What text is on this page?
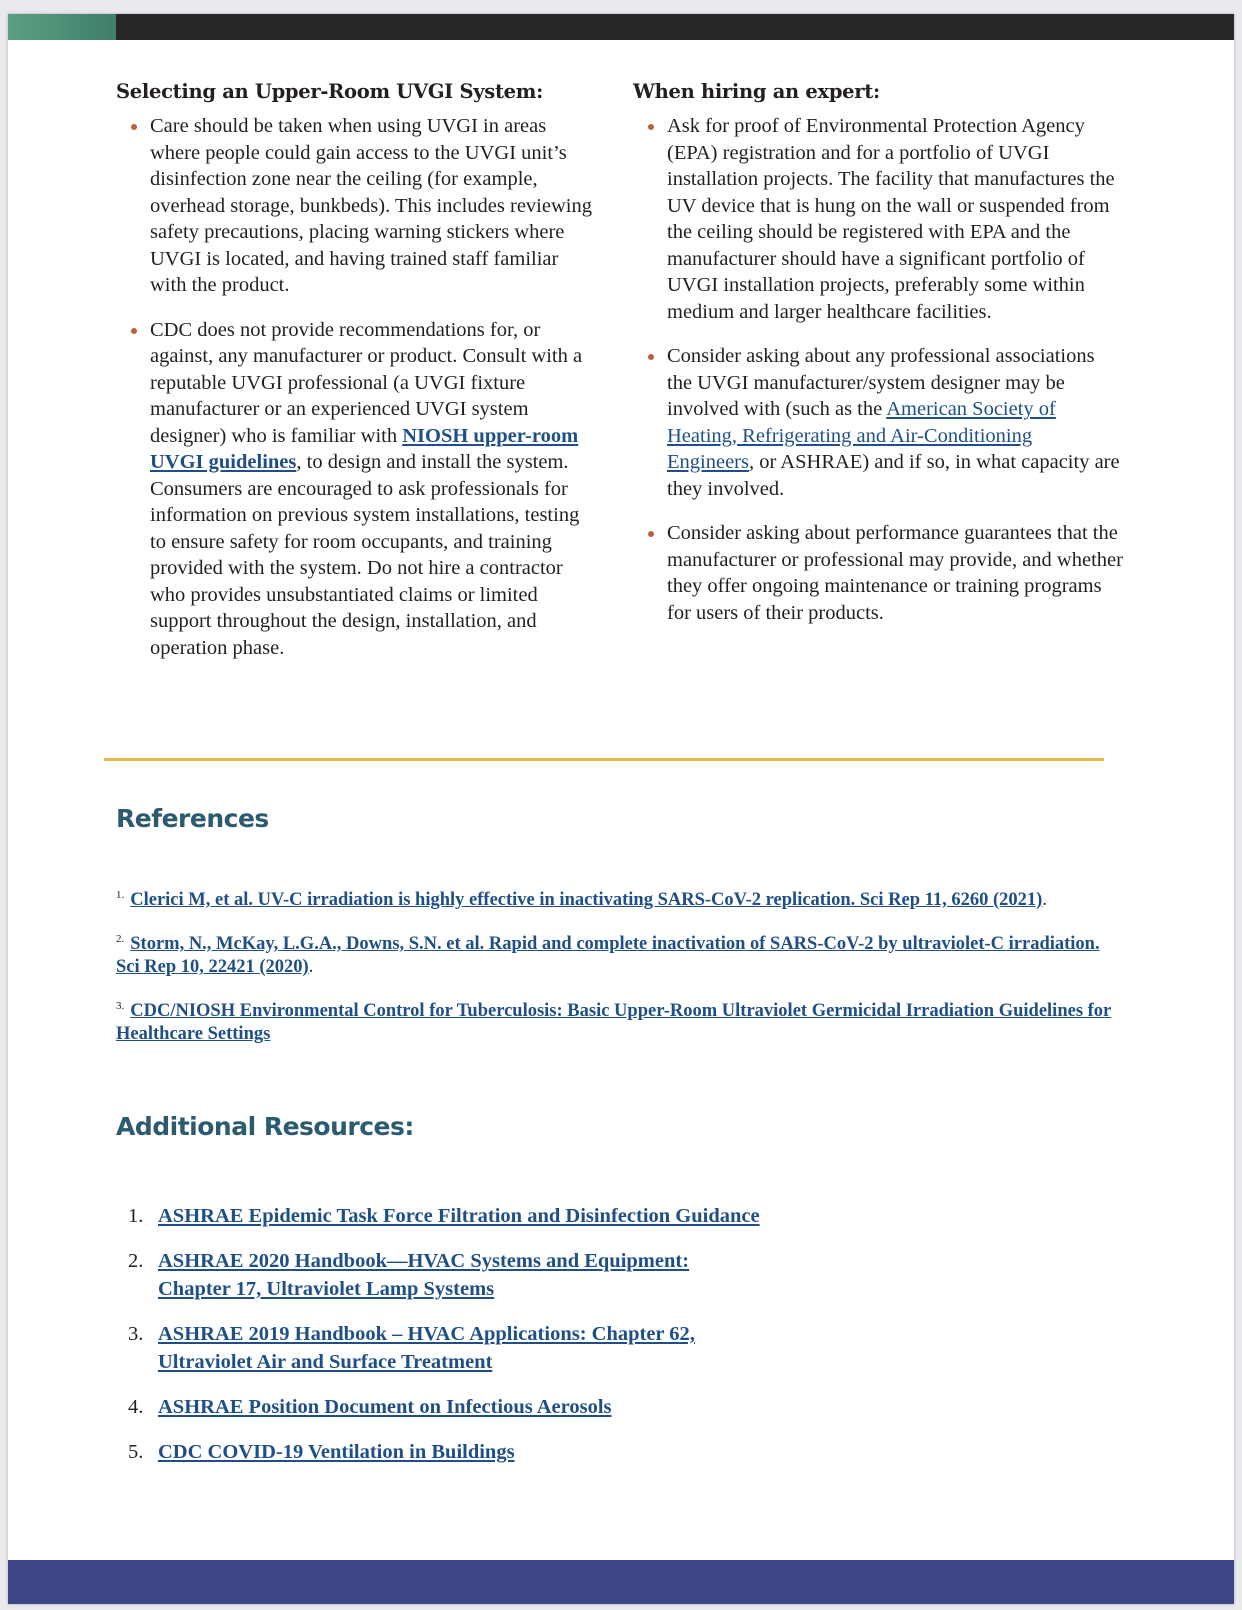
Selecting an Upper-Room UVGI System:
Care should be taken when using UVGI in areas where people could gain access to the UVGI unit’s disinfection zone near the ceiling (for example, overhead storage, bunkbeds). This includes reviewing safety precautions, placing warning stickers where UVGI is located, and having trained staff familiar with the product.
CDC does not provide recommendations for, or against, any manufacturer or product. Consult with a reputable UVGI professional (a UVGI fixture manufacturer or an experienced UVGI system designer) who is familiar with NIOSH upper-room UVGI guidelines, to design and install the system. Consumers are encouraged to ask professionals for information on previous system installations, testing to ensure safety for room occupants, and training provided with the system. Do not hire a contractor who provides unsubstantiated claims or limited support throughout the design, installation, and operation phase.
When hiring an expert:
Ask for proof of Environmental Protection Agency (EPA) registration and for a portfolio of UVGI installation projects. The facility that manufactures the UV device that is hung on the wall or suspended from the ceiling should be registered with EPA and the manufacturer should have a significant portfolio of UVGI installation projects, preferably some within medium and larger healthcare facilities.
Consider asking about any professional associations the UVGI manufacturer/system designer may be involved with (such as the American Society of Heating, Refrigerating and Air-Conditioning Engineers, or ASHRAE) and if so, in what capacity are they involved.
Consider asking about performance guarantees that the manufacturer or professional may provide, and whether they offer ongoing maintenance or training programs for users of their products.
References
$^{1.}$ Clerici M, et al. UV-C irradiation is highly effective in inactivating SARS-CoV-2 replication. Sci Rep 11, 6260 (2021).
$^{2.}$ Storm, N., McKay, L.G.A., Downs, S.N. et al. Rapid and complete inactivation of SARS-CoV-2 by ultraviolet-C irradiation. Sci Rep 10, 22421 (2020).
$^{3.}$ CDC/NIOSH Environmental Control for Tuberculosis: Basic Upper-Room Ultraviolet Germicidal Irradiation Guidelines for Healthcare Settings
Additional Resources:
1. ASHRAE Epidemic Task Force Filtration and Disinfection Guidance
2. ASHRAE 2020 Handbook—HVAC Systems and Equipment: Chapter 17, Ultraviolet Lamp Systems
3. ASHRAE 2019 Handbook – HVAC Applications: Chapter 62, Ultraviolet Air and Surface Treatment
4. ASHRAE Position Document on Infectious Aerosols
5. CDC COVID-19 Ventilation in Buildings
